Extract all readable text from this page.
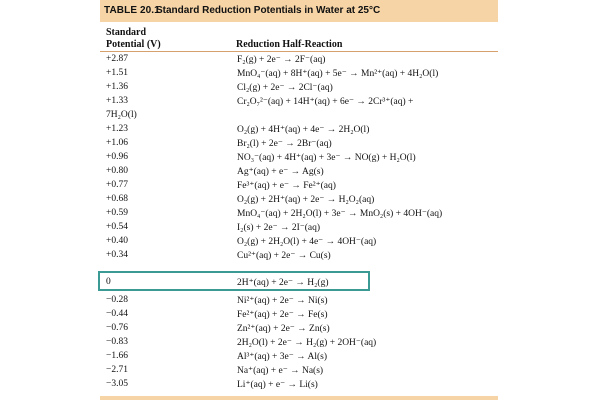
TABLE 20.1
Standard Reduction Potentials in Water at 25°C
Standard
Potential (V)	Reduction Half-Reaction
+2.87	F₂(g) + 2e⁻ → 2F⁻(aq)
+1.51	MnO₄⁻(aq) + 8H⁺(aq) + 5e⁻ → Mn²⁺(aq) + 4H₂O(l)
+1.36	Cl₂(g) + 2e⁻ → 2Cl⁻(aq)
+1.33	Cr₂O₇²⁻(aq) + 14H⁺(aq) + 6e⁻ → 2Cr³⁺(aq) +
7H₂O(l)
+1.23	O₂(g) + 4H⁺(aq) + 4e⁻ → 2H₂O(l)
+1.06	Br₂(l) + 2e⁻ → 2Br⁻(aq)
+0.96	NO₃⁻(aq) + 4H⁺(aq) + 3e⁻ → NO(g) + H₂O(l)
+0.80	Ag⁺(aq) + e⁻ → Ag(s)
+0.77	Fe³⁺(aq) + e⁻ → Fe²⁺(aq)
+0.68	O₂(g) + 2H⁺(aq) + 2e⁻ → H₂O₂(aq)
+0.59	MnO₄⁻(aq) + 2H₂O(l) + 3e⁻ → MnO₂(s) + 4OH⁻(aq)
+0.54	I₂(s) + 2e⁻ → 2I⁻(aq)
+0.40	O₂(g) + 2H₂O(l) + 4e⁻ → 4OH⁻(aq)
+0.34	Cu²⁺(aq) + 2e⁻ → Cu(s)
0	2H⁺(aq) + 2e⁻ → H₂(g)
−0.28	Ni²⁺(aq) + 2e⁻ → Ni(s)
−0.44	Fe²⁺(aq) + 2e⁻ → Fe(s)
−0.76	Zn²⁺(aq) + 2e⁻ → Zn(s)
−0.83	2H₂O(l) + 2e⁻ → H₂(g) + 2OH⁻(aq)
−1.66	Al³⁺(aq) + 3e⁻ → Al(s)
−2.71	Na⁺(aq) + e⁻ → Na(s)
−3.05	Li⁺(aq) + e⁻ → Li(s)
